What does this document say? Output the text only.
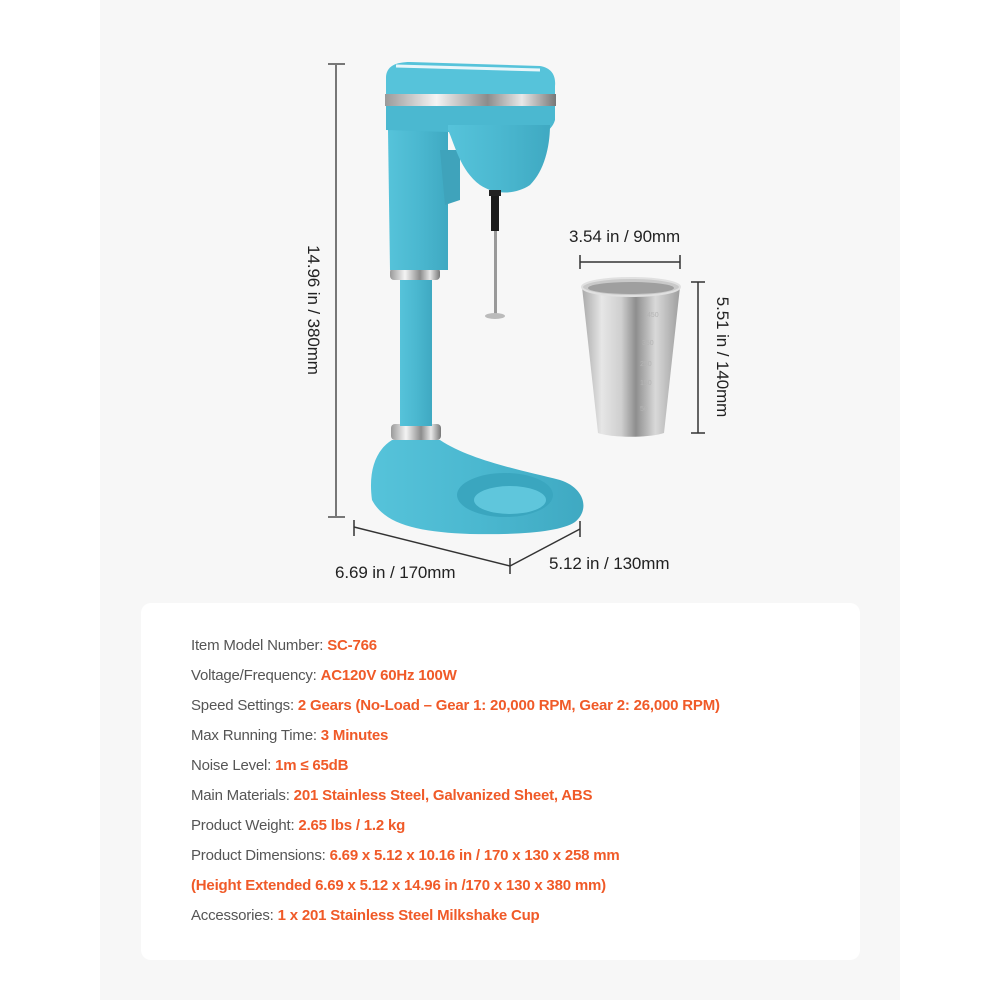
450
350
250
150
50
14.96 in / 380mm
3.54 in / 90mm
5.51 in / 140mm
6.69 in / 170mm	5.12 in / 130mm
Item Model Number: SC-766
Voltage/Frequency: AC120V 60Hz 100W
Speed Settings: 2 Gears (No-Load – Gear 1: 20,000 RPM, Gear 2: 26,000 RPM)
Max Running Time: 3 Minutes
Noise Level: 1m ≤ 65dB
Main Materials: 201 Stainless Steel, Galvanized Sheet, ABS
Product Weight: 2.65 lbs / 1.2 kg
Product Dimensions: 6.69 x 5.12 x 10.16 in / 170 x 130 x 258 mm
(Height Extended 6.69 x 5.12 x 14.96 in /170 x 130 x 380 mm)
Accessories: 1 x 201 Stainless Steel Milkshake Cup
